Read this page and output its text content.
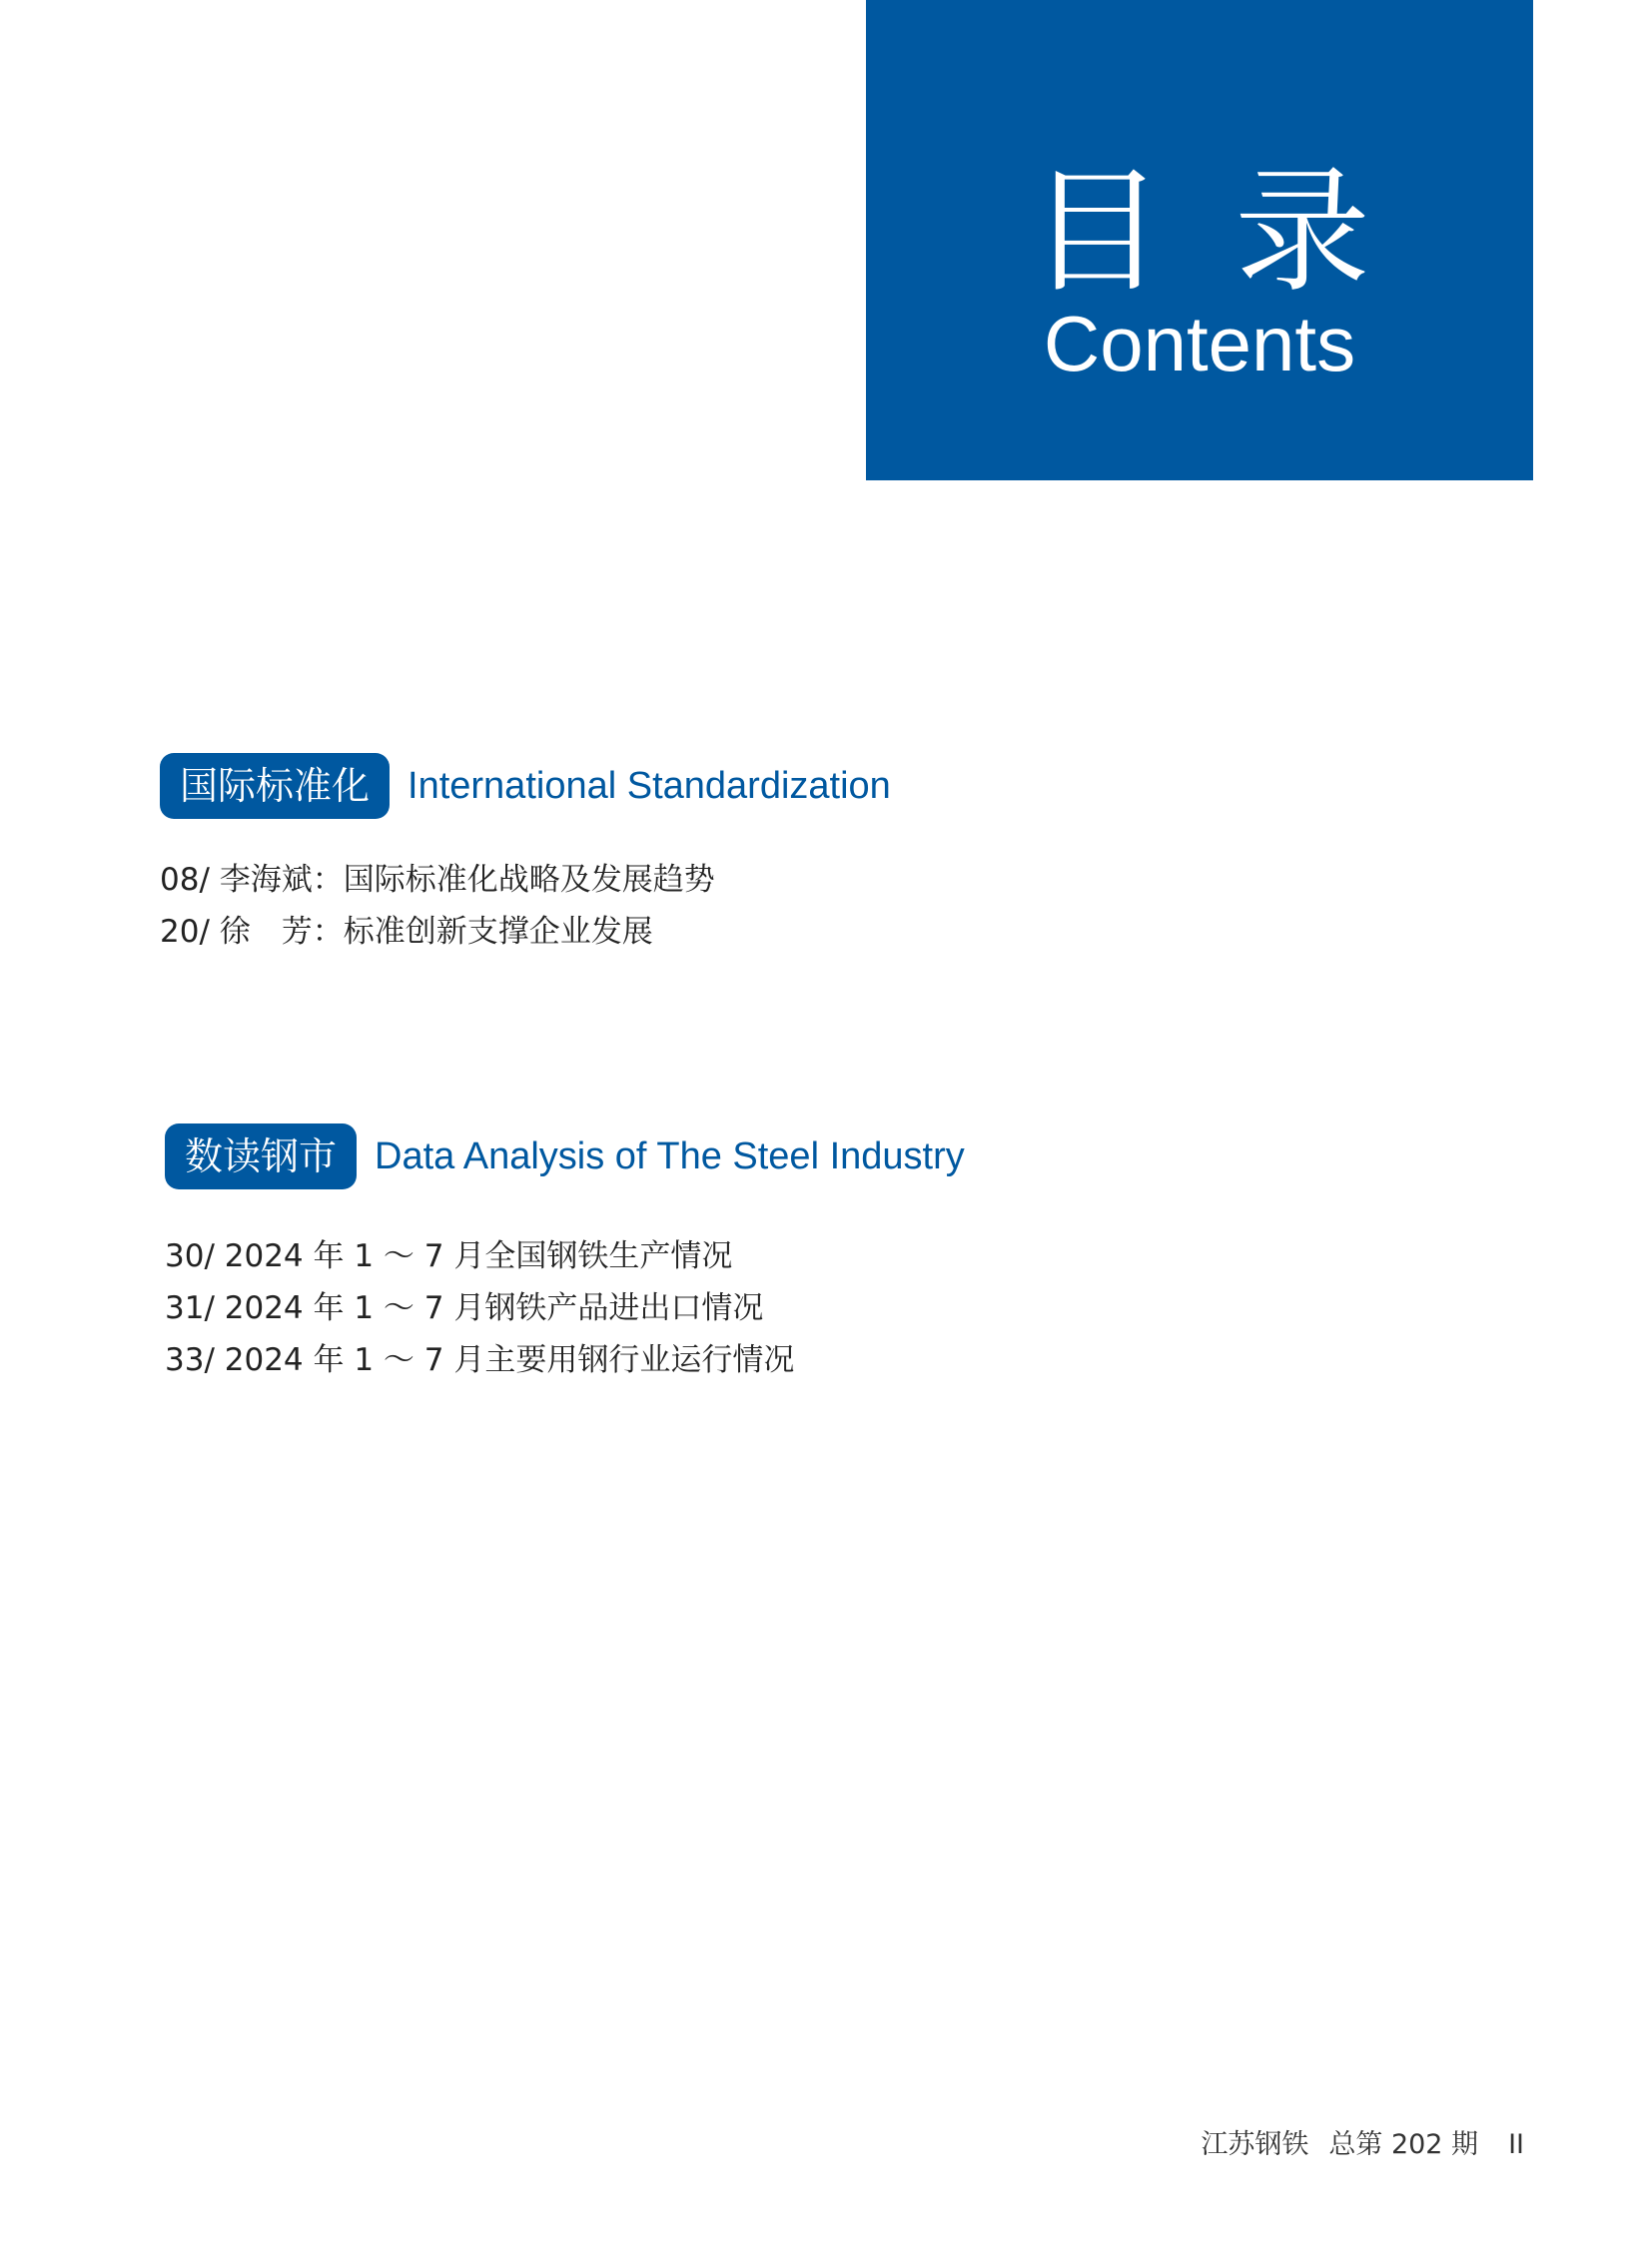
目录
Contents
国际标准化	International Standardization
08/ 李海斌：国际标准化战略及发展趋势
20/ 徐　芳：标准创新支撑企业发展
数读钢市	Data Analysis of The Steel Industry
30/ 2024 年 1 ～ 7 月全国钢铁生产情况
31/ 2024 年 1 ～ 7 月钢铁产品进出口情况
33/ 2024 年 1 ～ 7 月主要用钢行业运行情况
江苏钢铁 总第 202 期 II
